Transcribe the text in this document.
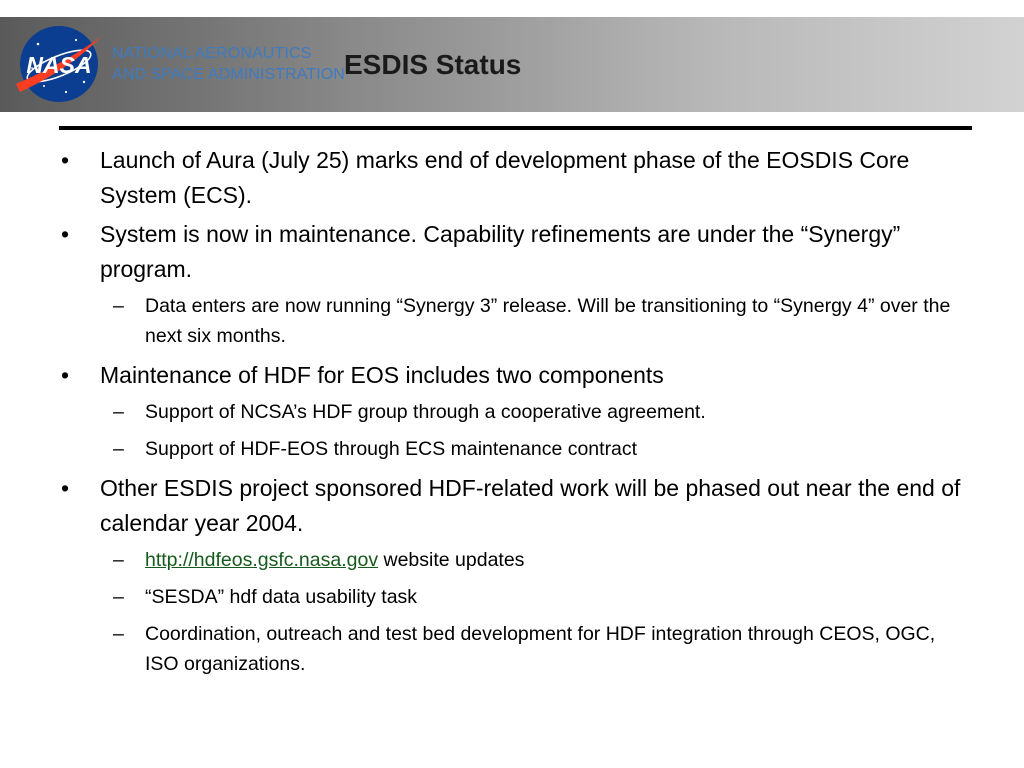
NASA NATIONAL AERONAUTICS
AND SPACE ADMINISTRATION ESDIS Status
• Launch of Aura (July 25) marks end of development phase of the EOSDIS Core System (ECS).
• System is now in maintenance. Capability refinements are under the “Synergy” program.
– Data enters are now running “Synergy 3” release. Will be transitioning to “Synergy 4” over the next six months.
• Maintenance of HDF for EOS includes two components
– Support of NCSA’s HDF group through a cooperative agreement.
– Support of HDF-EOS through ECS maintenance contract
• Other ESDIS project sponsored HDF-related work will be phased out near the end of calendar year 2004.
– http://hdfeos.gsfc.nasa.gov website updates
– “SESDA” hdf data usability task
– Coordination, outreach and test bed development for HDF integration through CEOS, OGC, ISO organizations.
